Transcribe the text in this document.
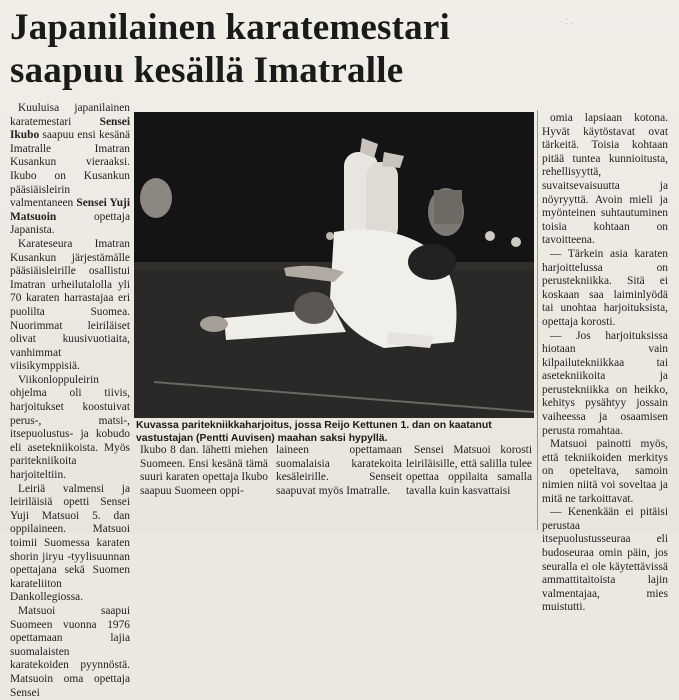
Japanilainen karatemestari
saapuu kesällä Imatralle
· : .

Kuuluisa japanilainen karatemestari Sensei Ikubo saapuu ensi kesänä Imatralle Imatran Kusankun vieraaksi. Ikubo on Kusankun pääsiäisleirin valmentaneen Sensei Yuji Matsuoin opettaja Japanista.

Karateseura Imatran Kusankun järjestämälle pääsiäisleirille osallistui Imatran urheilutalolla yli 70 karaten harrastajaa eri puolilta Suomea. Nuorimmat leiriläiset olivat kuusivuotiaita, vanhimmat viisikymppisiä.

Viikonloppuleirin ohjelma oli tiivis, harjoitukset koostuivat perus-, matsi-, itsepuolustus- ja kobudo eli asetekniikoista. Myös paritekniikoita harjoiteltiin.

Leiriä valmensi ja leiriläisiä opetti Sensei Yuji Matsuoi 5. dan oppilaineen. Matsuoi toimii Suomessa karaten shorin jiryu -tyylisuunnan opettajana sekä Suomen karateliiton Dankollegiossa.

Matsuoi saapui Suomeen vuonna 1976 opettamaan lajia suomalaisten karatekoiden pyynnöstä. Matsuoin oma opettaja Sensei

Kuvassa paritekniikkaharjoitus, jossa Reijo Kettunen 1. dan on kaatanut vastustajan (Pentti Auvisen) maahan saksi hypyllä.

omia lapsiaan kotona. Hyvät käytöstavat ovat tärkeitä. Toisia kohtaan pitää tuntea kunnioitusta, rehellisyyttä, suvaitsevaisuutta ja nöyryyttä. Avoin mieli ja myönteinen suhtautuminen toisia kohtaan on tavoitteena.

— Tärkein asia karaten harjoittelussa on perustekniikka. Sitä ei koskaan saa laiminlyödä tai unohtaa harjoituksista, opettaja korosti.

— Jos harjoituksissa hiotaan vain kilpailutekniikkaa tai asetekniikoita ja perustekniikka on heikko, kehitys pysähtyy jossain vaiheessa ja osaamisen perusta romahtaa.

Matsuoi painotti myös, että tekniikoiden merkitys on opeteltava, samoin nimien niitä voi soveltaa ja mitä ne tarkoittavat.

— Kenenkään ei pitäisi perustaa itsepuolustusseuraa eli budoseuraa omin päin, jos seuralla ei ole käytettävissä ammattitaitoista lajin valmentajaa, mies muistutti.

Ikubo 8 dan. lähetti miehen Suomeen. Ensi kesänä tämä suuri karaten opettaja Ikubo saapuu Suomeen oppi-

laineen opettamaan suomalaisia karatekoita kesäleirille. Senseit saapuvat myös Imatralle.

Sensei Matsuoi korosti leiriläisille, että salilla tulee opettaa oppilaita samalla tavalla kuin kasvattaisi
